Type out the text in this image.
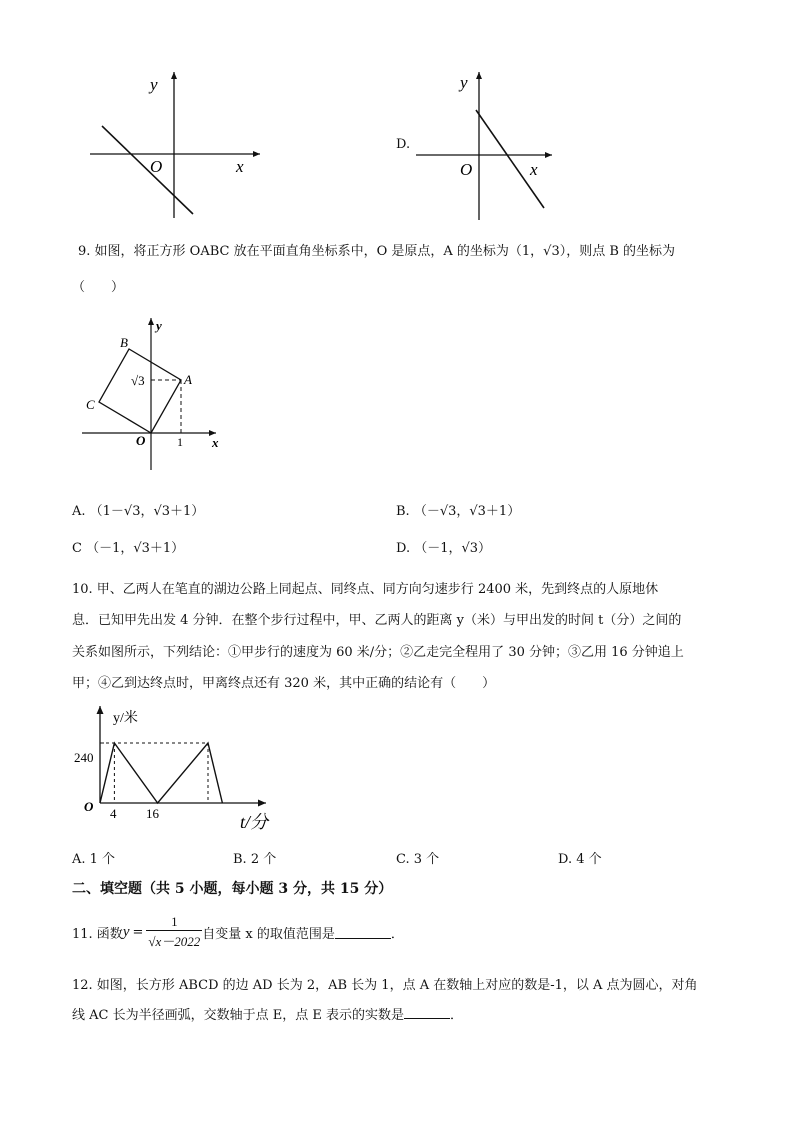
y
x
O
D.
y
x
O
9. 如图，将正方形 OABC 放在平面直角坐标系中，O 是原点，A 的坐标为（1，√3），则点 B 的坐标为
（　　）
B
A
C
O	x
y
√3
1
A. （1－√3，√3＋1）	B. （－√3，√3＋1）
C （－1，√3＋1）	D. （－1，√3）
10. 甲、乙两人在笔直的湖边公路上同起点、同终点、同方向匀速步行 2400 米，先到终点的人原地休
息．已知甲先出发 4 分钟．在整个步行过程中，甲、乙两人的距离 y（米）与甲出发的时间 t（分）之间的
关系如图所示，下列结论：①甲步行的速度为 60 米/分；②乙走完全程用了 30 分钟；③乙用 16 分钟追上
甲；④乙到达终点时，甲离终点还有 320 米，其中正确的结论有（　　）
y/米
t/分
O
240
4 16
A. 1 个	B. 2 个	C. 3 个	D. 4 个
二、填空题（共 5 小题，每小题 3 分，共 15 分）
11. 函数 $y = \frac{1}{√x-2022}$ 自变量 x 的取值范围是	．
12. 如图，长方形 ABCD 的边 AD 长为 2，AB 长为 1，点 A 在数轴上对应的数是-1，以 A 点为圆心，对角
线 AC 长为半径画弧，交数轴于点 E，点 E 表示的实数是	．
